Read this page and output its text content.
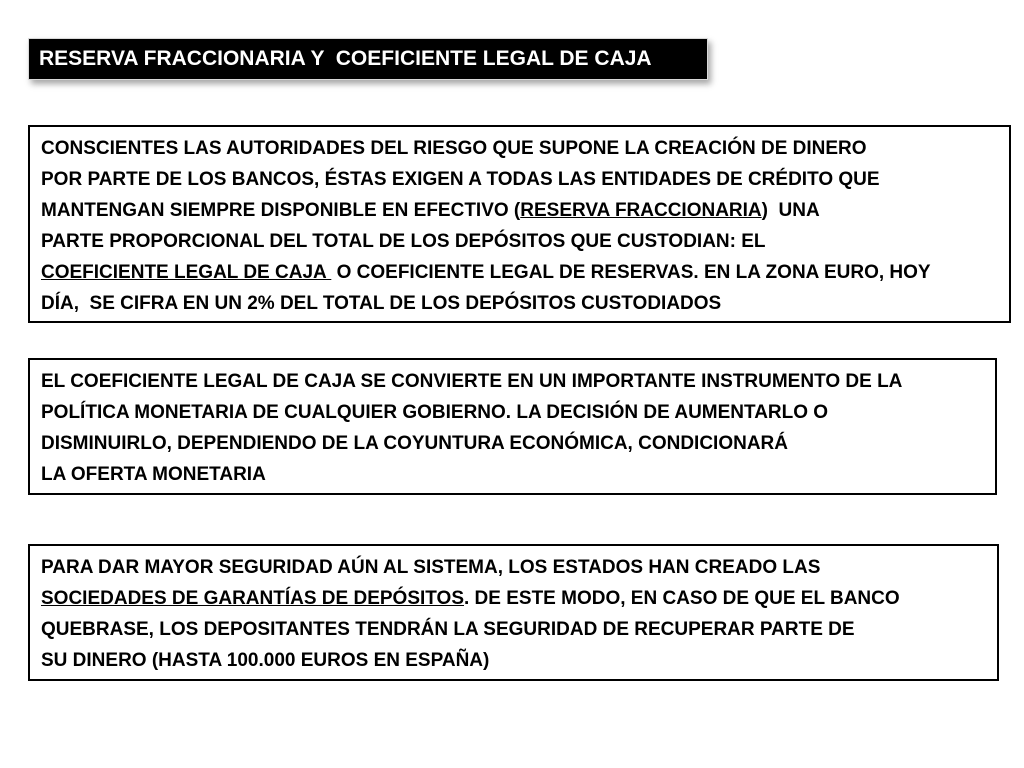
RESERVA FRACCIONARIA Y  COEFICIENTE LEGAL DE CAJA
CONSCIENTES LAS AUTORIDADES DEL RIESGO QUE SUPONE LA CREACIÓN DE DINERO
POR PARTE DE LOS BANCOS, ÉSTAS EXIGEN A TODAS LAS ENTIDADES DE CRÉDITO QUE
MANTENGAN SIEMPRE DISPONIBLE EN EFECTIVO (RESERVA FRACCIONARIA)  UNA
PARTE PROPORCIONAL DEL TOTAL DE LOS DEPÓSITOS QUE CUSTODIAN: EL
COEFICIENTE LEGAL DE CAJA  O COEFICIENTE LEGAL DE RESERVAS. EN LA ZONA EURO, HOY
DÍA,  SE CIFRA EN UN 2% DEL TOTAL DE LOS DEPÓSITOS CUSTODIADOS
EL COEFICIENTE LEGAL DE CAJA SE CONVIERTE EN UN IMPORTANTE INSTRUMENTO DE LA
POLÍTICA MONETARIA DE CUALQUIER GOBIERNO. LA DECISIÓN DE AUMENTARLO O
DISMINUIRLO, DEPENDIENDO DE LA COYUNTURA ECONÓMICA, CONDICIONARÁ
LA OFERTA MONETARIA
PARA DAR MAYOR SEGURIDAD AÚN AL SISTEMA, LOS ESTADOS HAN CREADO LAS
SOCIEDADES DE GARANTÍAS DE DEPÓSITOS. DE ESTE MODO, EN CASO DE QUE EL BANCO
QUEBRASE, LOS DEPOSITANTES TENDRÁN LA SEGURIDAD DE RECUPERAR PARTE DE
SU DINERO (HASTA 100.000 EUROS EN ESPAÑA)
